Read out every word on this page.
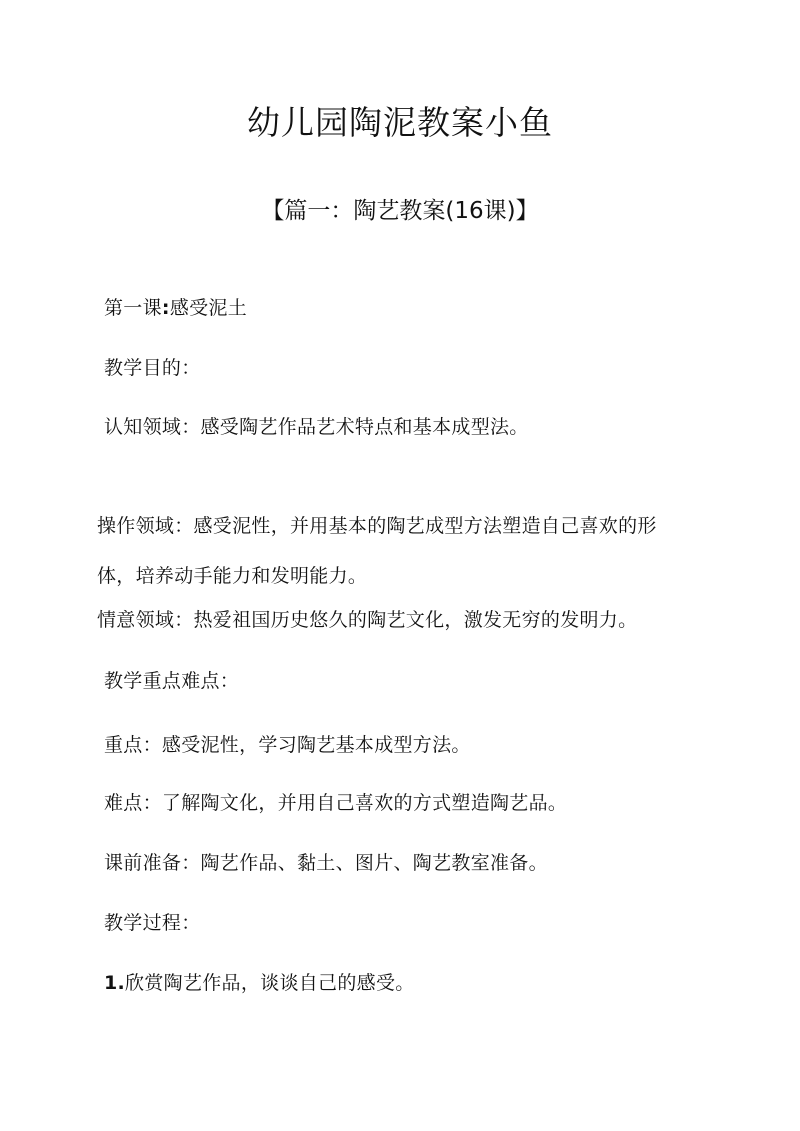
幼儿园陶泥教案小鱼
【篇一：陶艺教案(16课)】
第一课:感受泥土
教学目的：
认知领域：感受陶艺作品艺术特点和基本成型法。
操作领域：感受泥性，并用基本的陶艺成型方法塑造自己喜欢的形
体，培养动手能力和发明能力。
情意领域：热爱祖国历史悠久的陶艺文化，激发无穷的发明力。
教学重点难点：
重点：感受泥性，学习陶艺基本成型方法。
难点：了解陶文化，并用自己喜欢的方式塑造陶艺品。
课前准备：陶艺作品、黏土、图片、陶艺教室准备。
教学过程：
1.欣赏陶艺作品，谈谈自己的感受。
